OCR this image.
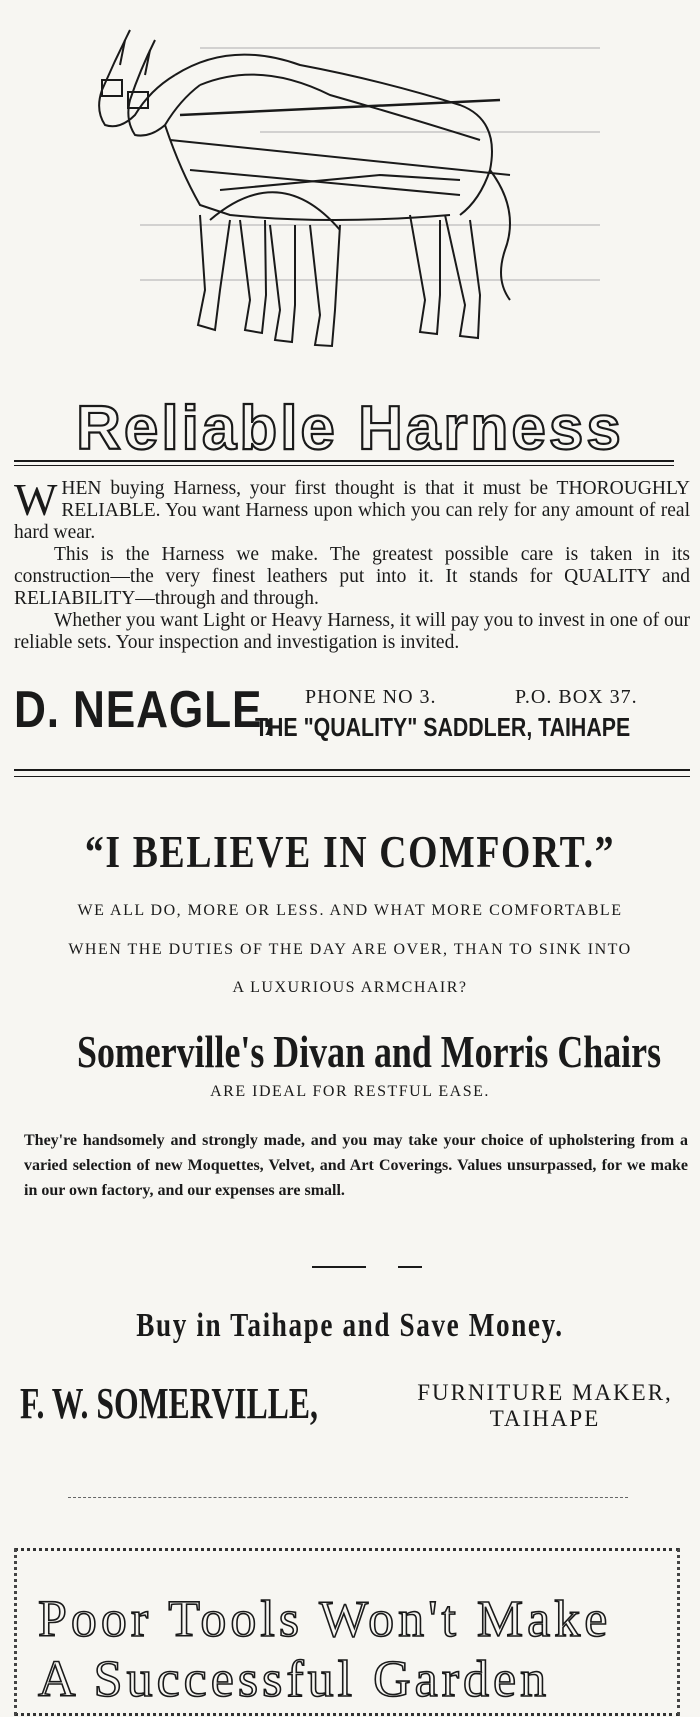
Reliable Harness

WHEN buying Harness, your first thought is that it must be THOROUGHLY RELIABLE. You want Harness upon which you can rely for any amount of real hard wear.

This is the Harness we make. The greatest possible care is taken in its construction—the very finest leathers put into it. It stands for QUALITY and RELIABILITY—through and through.

Whether you want Light or Heavy Harness, it will pay you to invest in one of our reliable sets. Your inspection and investigation is invited.

D. NEAGLE, PHONE NO 3.	P.O. BOX 37.
THE "QUALITY" SADDLER, TAIHAPE
“I BELIEVE IN COMFORT.”
WE ALL DO, MORE OR LESS. AND WHAT MORE COMFORTABLE
WHEN THE DUTIES OF THE DAY ARE OVER, THAN TO SINK INTO
A LUXURIOUS ARMCHAIR?
Somerville's Divan and Morris Chairs
ARE IDEAL FOR RESTFUL EASE.
They're handsomely and strongly made, and you may take your choice of upholstering from a varied selection of new Moquettes, Velvet, and Art Coverings. Values unsurpassed, for we make in our own factory, and our expenses are small.
Buy in Taihape and Save Money.
F. W. SOMERVILLE,	FURNITURE MAKER,
TAIHAPE
Poor Tools Won't Make
A Successful Garden
